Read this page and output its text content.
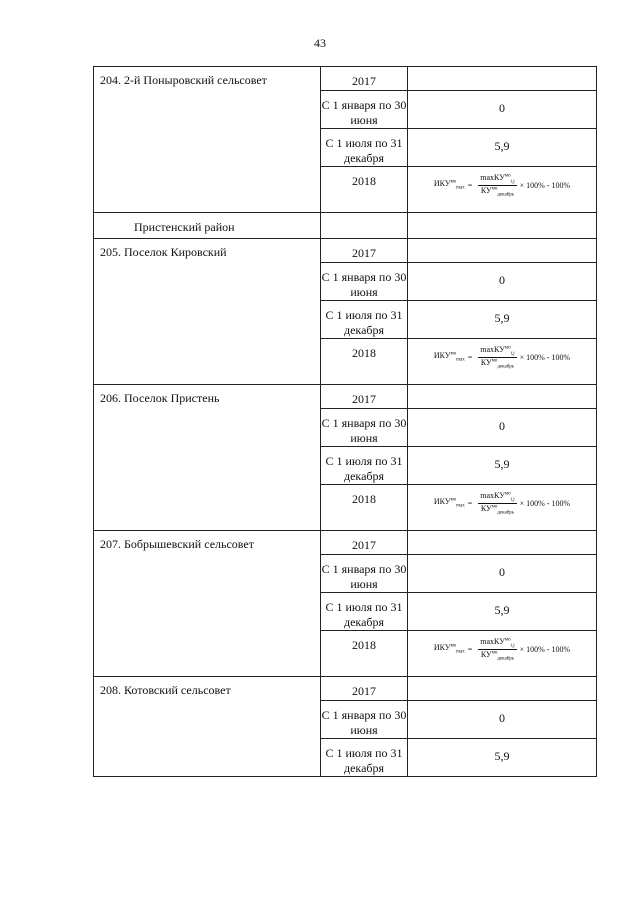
43
204. 2-й Поныровский сельсовет	2017	

	С 1 января по 30 июня	0

	С 1 июля по 31 декабря	5,9

	2018	$ИКУ^{мо}_{max} = \frac{\max КУ^{мо}_{i,j}}{КУ^{мо}_{декабрь}} \times 100\% - 100\%$

Пристенский район		

205. Поселок Кировский	2017	

	С 1 января по 30 июня	0

	С 1 июля по 31 декабря	5,9

	2018	$ИКУ^{мо}_{max} = \frac{\max КУ^{мо}_{i,j}}{КУ^{мо}_{декабрь}} \times 100\% - 100\%$

206. Поселок Пристень	2017	

	С 1 января по 30 июня	0

	С 1 июля по 31 декабря	5,9

	2018	$ИКУ^{мо}_{max} = \frac{\max КУ^{мо}_{i,j}}{КУ^{мо}_{декабрь}} \times 100\% - 100\%$

207. Бобрышевский сельсовет	2017	

	С 1 января по 30 июня	0

	С 1 июля по 31 декабря	5,9

	2018	$ИКУ^{мо}_{max} = \frac{\max КУ^{мо}_{i,j}}{КУ^{мо}_{декабрь}} \times 100\% - 100\%$

208. Котовский сельсовет	2017	

	С 1 января по 30 июня	0

	С 1 июля по 31 декабря	5,9
